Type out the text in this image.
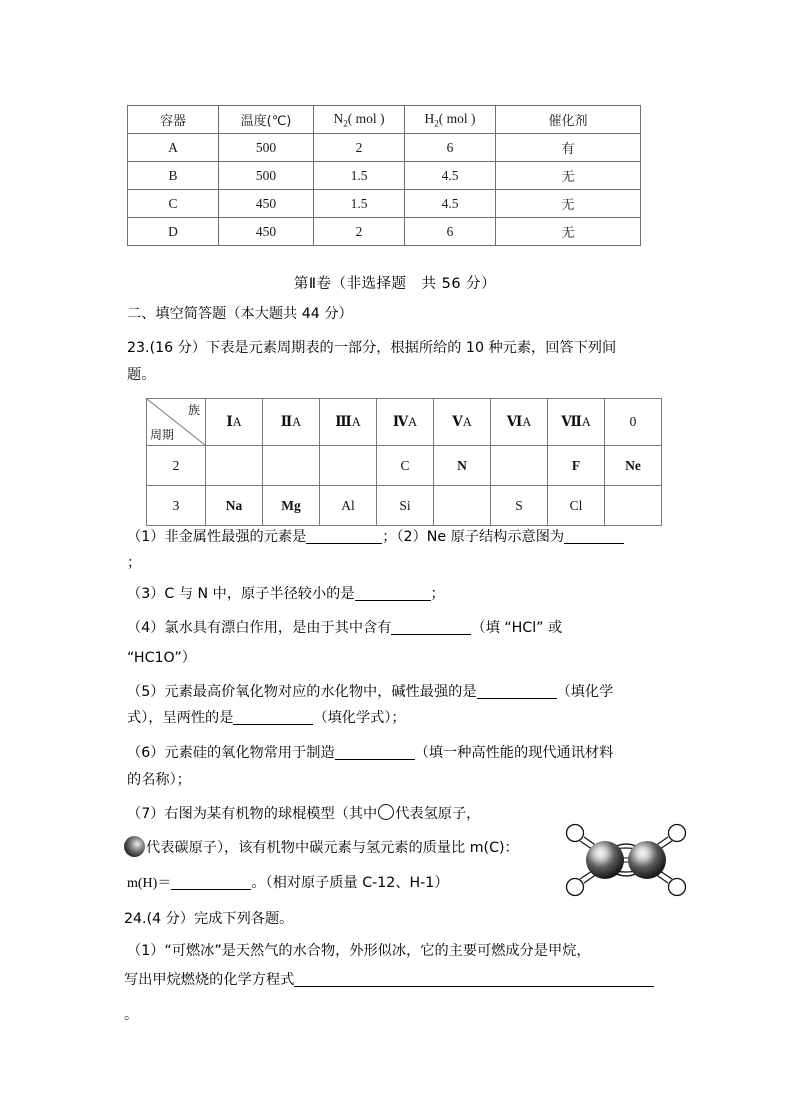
容器	温度(℃)	$N_2$( mol )	$H_2$( mol )	催化剂
A	500	2	6	有
B	500	1.5	4.5	无
C	450	1.5	4.5	无
D	450	2	6	无
第Ⅱ卷（非选择题　共 56 分）
二、填空简答题（本大题共 44 分）
23.(16 分）下表是元素周期表的一部分，根据所给的 10 种元素，回答下列间
题。
族
周期	ⅠA	ⅡA	ⅢA	ⅣA	ⅤA	ⅥA	ⅦA	0
2				C	N		F	Ne
3	Na	Mg	Al	Si		S	Cl	
（1）非金属性最强的元素是	；（2）Ne 原子结构示意图为
；
（3）C 与 N 中，原子半径较小的是	；
（4）氯水具有漂白作用，是由于其中含有	（填 “HCl” 或
“HC1O”）
（5）元素最高价氧化物对应的水化物中，碱性最强的是	（填化学
式），呈两性的是	（填化学式）；
（6）元素硅的氧化物常用于制造	（填一种高性能的现代通讯材料
的名称）；
（7）右图为某有机物的球棍模型（其中 代表氢原子，
代表碳原子），该有机物中碳元素与氢元素的质量比 m(C)：
m(H)＝	。（相对原子质量 C-12、H-1）
24.(4 分）完成下列各题。
（1）“可燃冰”是天然气的水合物，外形似冰，它的主要可燃成分是甲烷，
写出甲烷燃烧的化学方程式
。
